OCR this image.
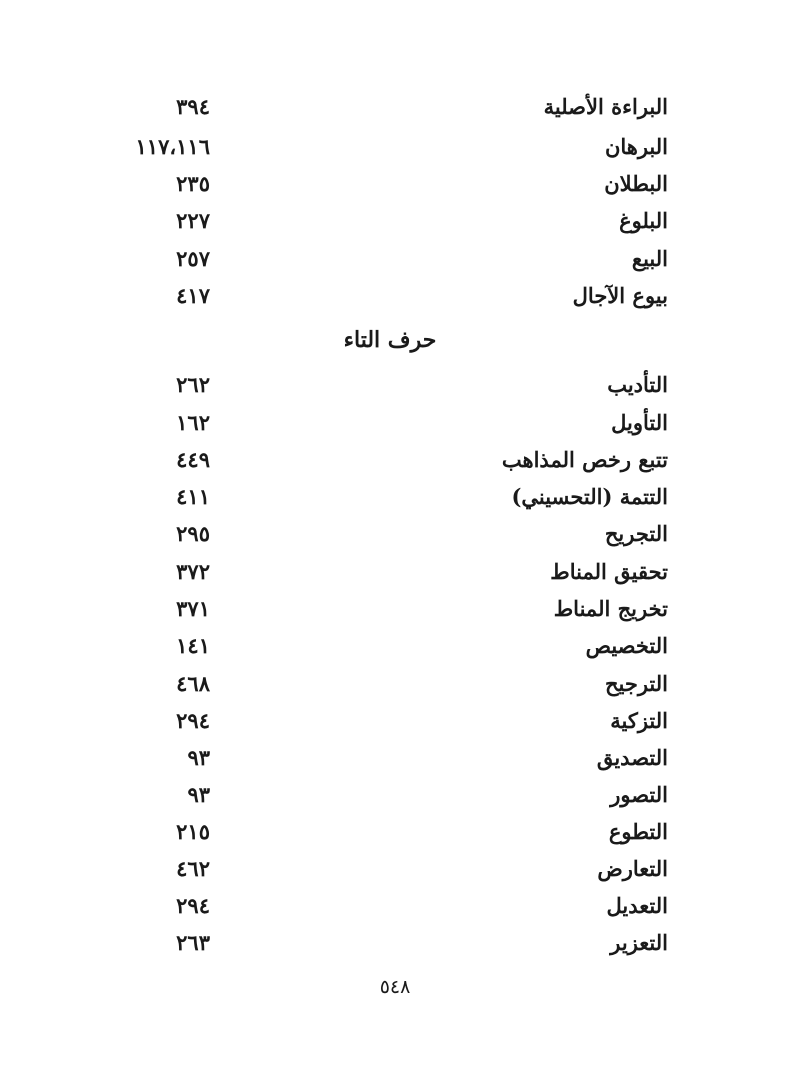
البراءة الأصلية
٣٩٤
البرهان
١١٧،١١٦
البطلان
٢٣٥
البلوغ
٢٢٧
البيع
٢٥٧
بيوع الآجال
٤١٧
حرف التاء
التأديب
٢٦٢
التأويل
١٦٢
تتبع رخص المذاهب
٤٤٩
التتمة (التحسيني)
٤١١
التجريح
٢٩٥
تحقيق المناط
٣٧٢
تخريج المناط
٣٧١
التخصيص
١٤١
الترجيح
٤٦٨
التزكية
٢٩٤
التصديق
٩٣
التصور
٩٣
التطوع
٢١٥
التعارض
٤٦٢
التعديل
٢٩٤
التعزير
٢٦٣
٥٤٨
